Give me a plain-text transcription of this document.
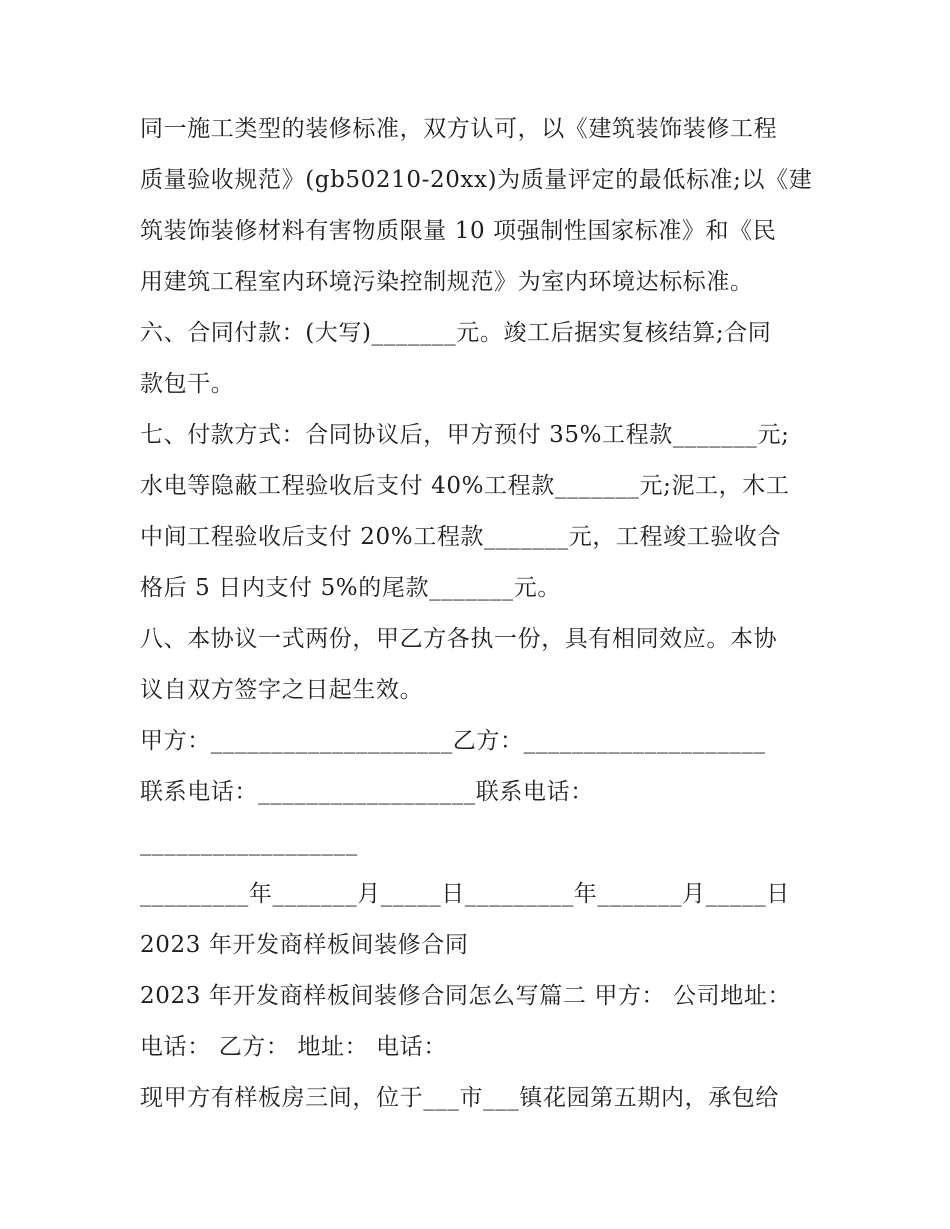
同一施工类型的装修标准，双方认可，以《建筑装饰装修工程
质量验收规范》(gb50210-20xx)为质量评定的最低标准;以《建
筑装饰装修材料有害物质限量 10 项强制性国家标准》和《民
用建筑工程室内环境污染控制规范》为室内环境达标标准。
六、合同付款：(大写)_______元。竣工后据实复核结算;合同
款包干。
七、付款方式：合同协议后，甲方预付 35%工程款_______元;
水电等隐蔽工程验收后支付 40%工程款_______元;泥工，木工
中间工程验收后支付 20%工程款_______元，工程竣工验收合
格后 5 日内支付 5%的尾款_______元。
八、本协议一式两份，甲乙方各执一份，具有相同效应。本协
议自双方签字之日起生效。
甲方：____________________乙方：____________________
联系电话：__________________联系电话：
__________________
_________年_______月_____日_________年_______月_____日
2023 年开发商样板间装修合同
2023 年开发商样板间装修合同怎么写篇二 甲方： 公司地址：
电话： 乙方： 地址： 电话：
现甲方有样板房三间，位于___市___镇花园第五期内，承包给
